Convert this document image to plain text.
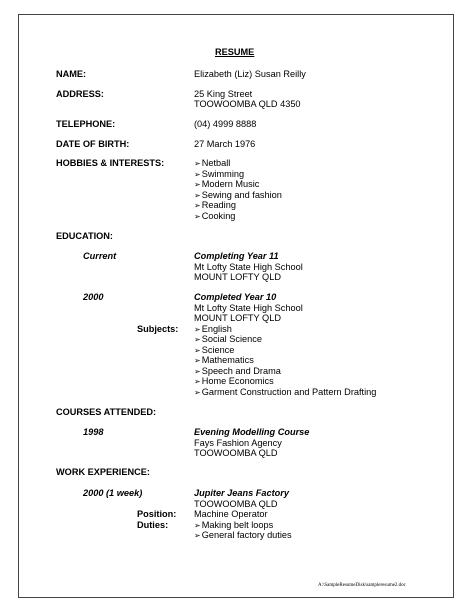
RESUME
NAME:	Elizabeth (Liz) Susan Reilly
ADDRESS:	25 King Street
TOOWOOMBA QLD 4350
TELEPHONE:	(04) 4999 8888
DATE OF BIRTH:	27 March 1976
HOBBIES & INTERESTS:	➢ Netball
➢ Swimming
➢ Modern Music
➢ Sewing and fashion
➢ Reading
➢ Cooking
EDUCATION:
Current	Completing Year 11
Mt Lofty State High School
MOUNT LOFTY QLD
2000	Completed Year 10
Mt Lofty State High School
MOUNT LOFTY QLD
Subjects:	➢ English
➢ Social Science
➢ Science
➢ Mathematics
➢ Speech and Drama
➢ Home Economics
➢ Garment Construction and Pattern Drafting
COURSES ATTENDED:
1998	Evening Modelling Course
Fays Fashion Agency
TOOWOOMBA QLD
WORK EXPERIENCE:
2000 (1 week)	Jupiter Jeans Factory
TOOWOOMBA QLD
Position: Machine Operator
Duties:	➢ Making belt loops
➢ General factory duties
A:\SampleResumeDisk\sampleresume2.doc
